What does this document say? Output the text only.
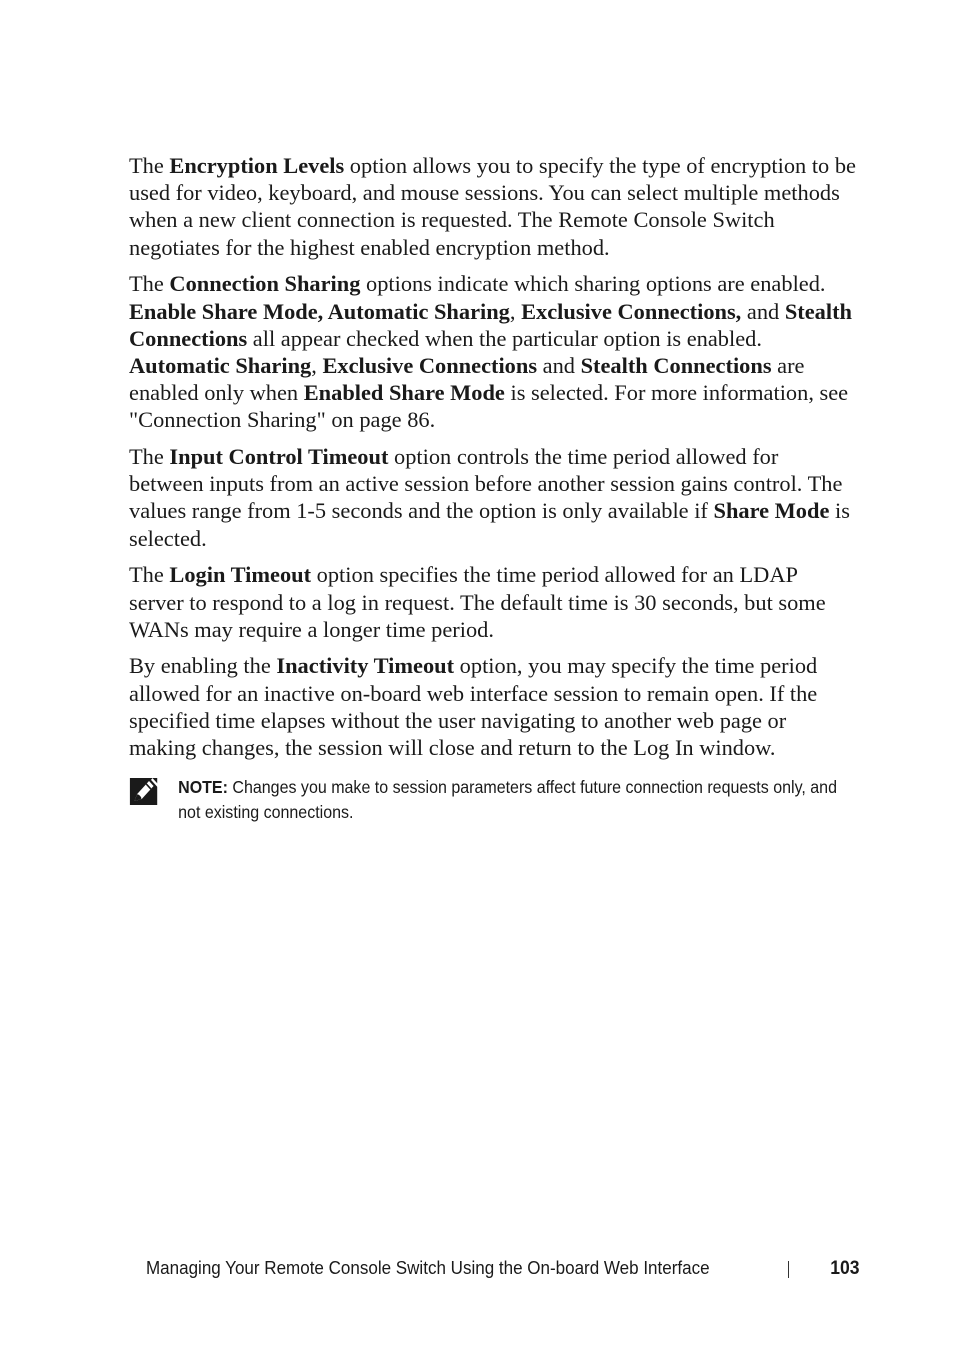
The Encryption Levels option allows you to specify the type of encryption to be used for video, keyboard, and mouse sessions. You can select multiple methods when a new client connection is requested. The Remote Console Switch negotiates for the highest enabled encryption method.

The Connection Sharing options indicate which sharing options are enabled. Enable Share Mode, Automatic Sharing, Exclusive Connections, and Stealth Connections all appear checked when the particular option is enabled. Automatic Sharing, Exclusive Connections and Stealth Connections are enabled only when Enabled Share Mode is selected. For more information, see "Connection Sharing" on page 86.

The Input Control Timeout option controls the time period allowed for between inputs from an active session before another session gains control. The values range from 1-5 seconds and the option is only available if Share Mode is selected.

The Login Timeout option specifies the time period allowed for an LDAP server to respond to a log in request. The default time is 30 seconds, but some WANs may require a longer time period.

By enabling the Inactivity Timeout option, you may specify the time period allowed for an inactive on-board web interface session to remain open. If the specified time elapses without the user navigating to another web page or making changes, the session will close and return to the Log In window.

NOTE: Changes you make to session parameters affect future connection requests only, and not existing connections.
Managing Your Remote Console Switch Using the On-board Web Interface	103
